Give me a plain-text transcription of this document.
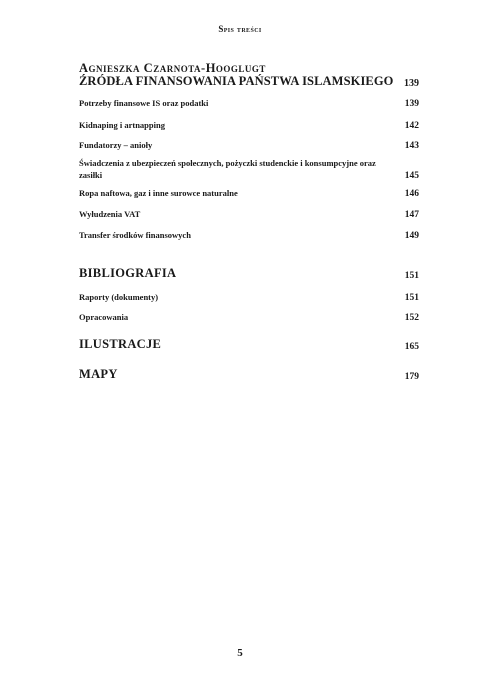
Spis treści
Agnieszka Czarnota-Hooglugt
ŹRÓDŁA FINANSOWANIA PAŃSTWA ISLAMSKIEGO	139
Potrzeby finansowe IS oraz podatki	139
Kidnaping i artnapping	142
Fundatorzy – anioły	143
Świadczenia z ubezpieczeń społecznych, pożyczki studenckie i konsumpcyjne oraz zasiłki	145
Ropa naftowa, gaz i inne surowce naturalne	146
Wyłudzenia VAT	147
Transfer środków finansowych	149
BIBLIOGRAFIA	151
Raporty (dokumenty)	151
Opracowania	152
ILUSTRACJE	165
MAPY	179
5
